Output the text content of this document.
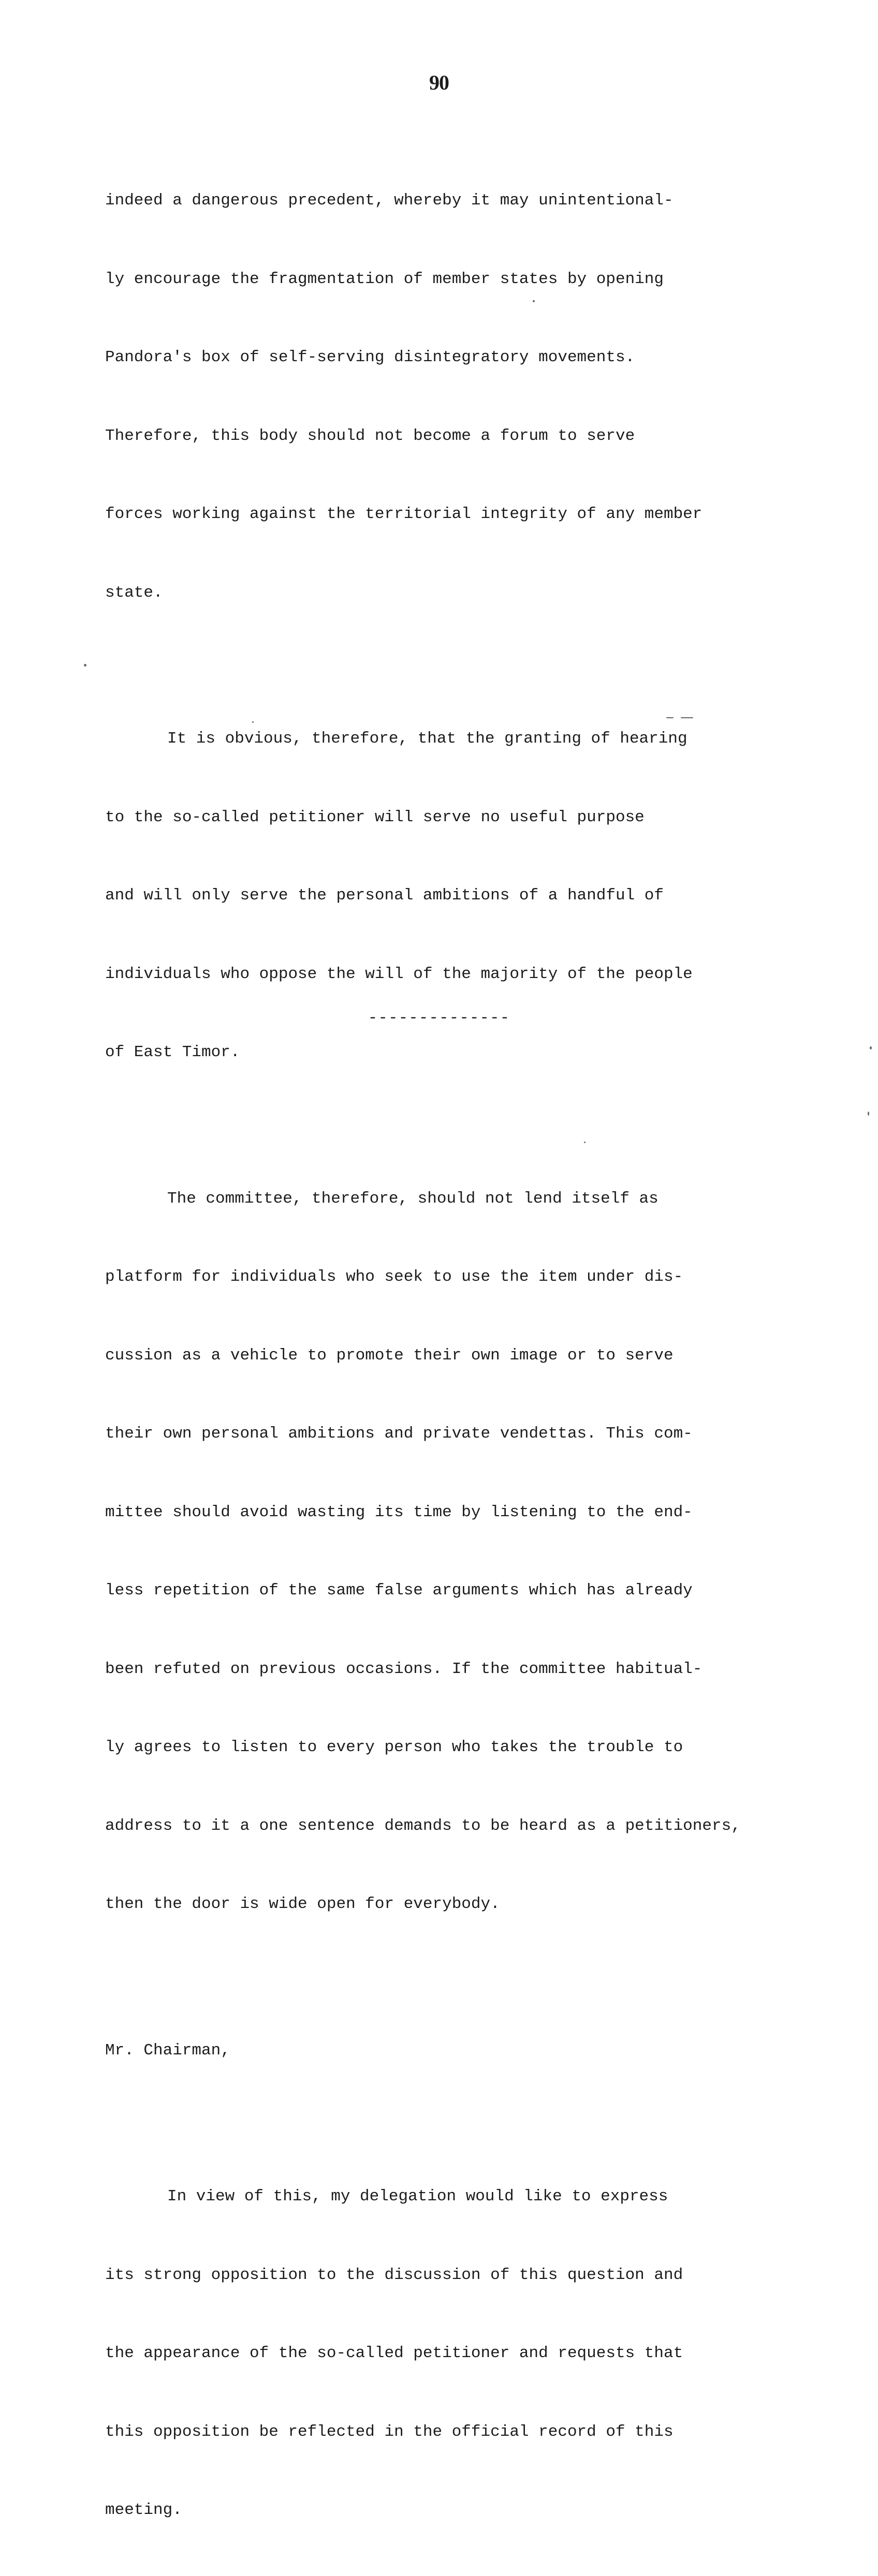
90

indeed a dangerous precedent, whereby it may unintentional-

ly encourage the fragmentation of member states by opening

Pandora's box of self-serving disintegratory movements.

Therefore, this body should not become a forum to serve

forces working against the territorial integrity of any member

state.

It is obvious, therefore, that the granting of hearing

to the so-called petitioner will serve no useful purpose

and will only serve the personal ambitions of a handful of

individuals who oppose the will of the majority of the people

of East Timor.

The committee, therefore, should not lend itself as

platform for individuals who seek to use the item under dis-

cussion as a vehicle to promote their own image or to serve

their own personal ambitions and private vendettas. This com-

mittee should avoid wasting its time by listening to the end-

less repetition of the same false arguments which has already

been refuted on previous occasions. If the committee habitual-

ly agrees to listen to every person who takes the trouble to

address to it a one sentence demands to be heard as a petitioners,

then the door is wide open for everybody.

Mr. Chairman,

In view of this, my delegation would like to express

its strong opposition to the discussion of this question and

the appearance of the so-called petitioner and requests that

this opposition be reflected in the official record of this

meeting.

--------------
